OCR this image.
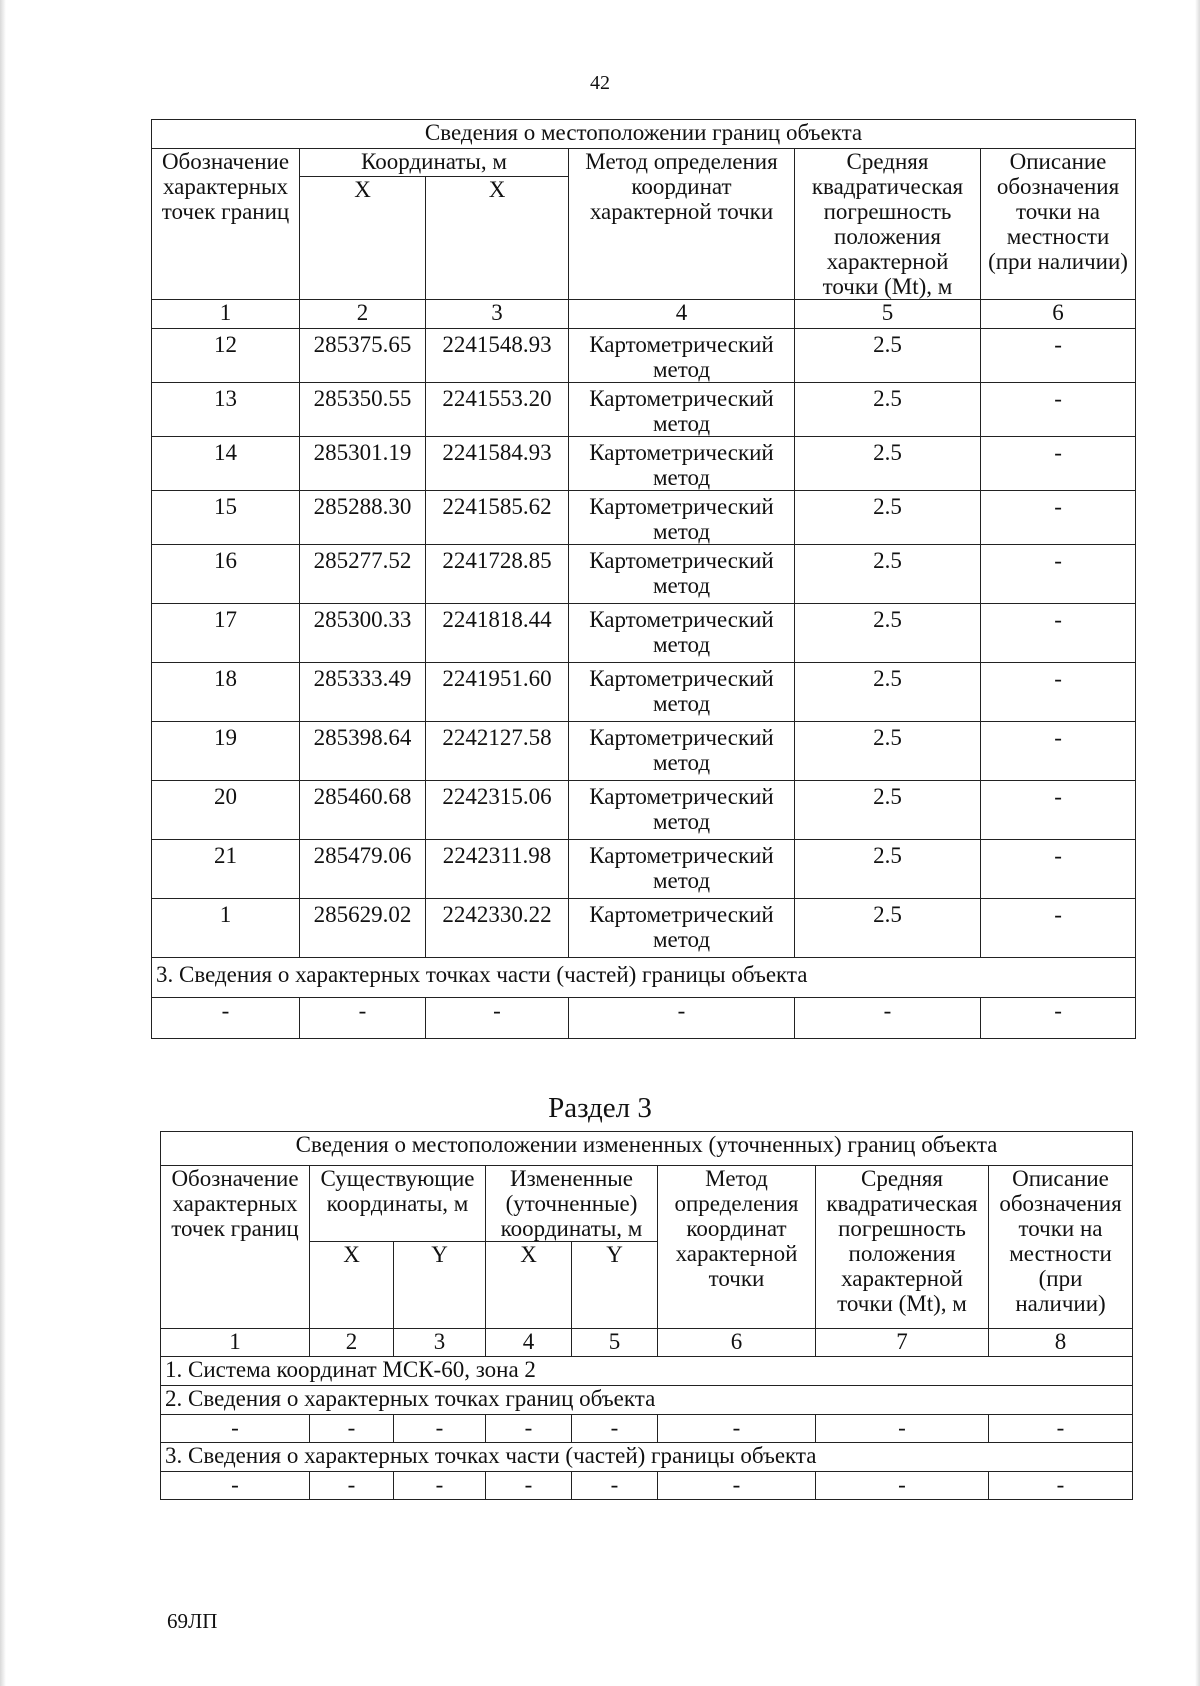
42
Сведения о местоположении границ объекта					
Обозначение характерных точек границ	Координаты, м		Метод определения координат характерной точки	Средняя квадратическая погрешность положения характерной точки (Mt), м	Описание обозначения точки на местности (при наличии)
	X	X			
1	2	3	4	5	6
12	285375.65	2241548.93	Картометрический метод	2.5	-
13	285350.55	2241553.20	Картометрический метод	2.5	-
14	285301.19	2241584.93	Картометрический метод	2.5	-
15	285288.30	2241585.62	Картометрический метод	2.5	-
16	285277.52	2241728.85	Картометрический метод	2.5	-
17	285300.33	2241818.44	Картометрический метод	2.5	-
18	285333.49	2241951.60	Картометрический метод	2.5	-
19	285398.64	2242127.58	Картометрический метод	2.5	-
20	285460.68	2242315.06	Картометрический метод	2.5	-
21	285479.06	2242311.98	Картометрический метод	2.5	-
1	285629.02	2242330.22	Картометрический метод	2.5	-
3. Сведения о характерных точках части (частей) границы объекта					
-	-	-	-	-	-
Раздел 3
Сведения о местоположении измененных (уточненных) границ объекта							
Обозначение характерных точек границ	Существующие координаты, м		Измененные (уточненные) координаты, м		Метод определения координат характерной точки	Средняя квадратическая погрешность положения характерной точки (Mt), м	Описание обозначения точки на местности (при наличии)
	X	Y	X	Y			
1	2	3	4	5	6	7	8
1. Система координат МСК-60, зона 2							
2. Сведения о характерных точках границ объекта							
-	-	-	-	-	-	-	-
3. Сведения о характерных точках части (частей) границы объекта							
-	-	-	-	-	-	-	-
69ЛП
